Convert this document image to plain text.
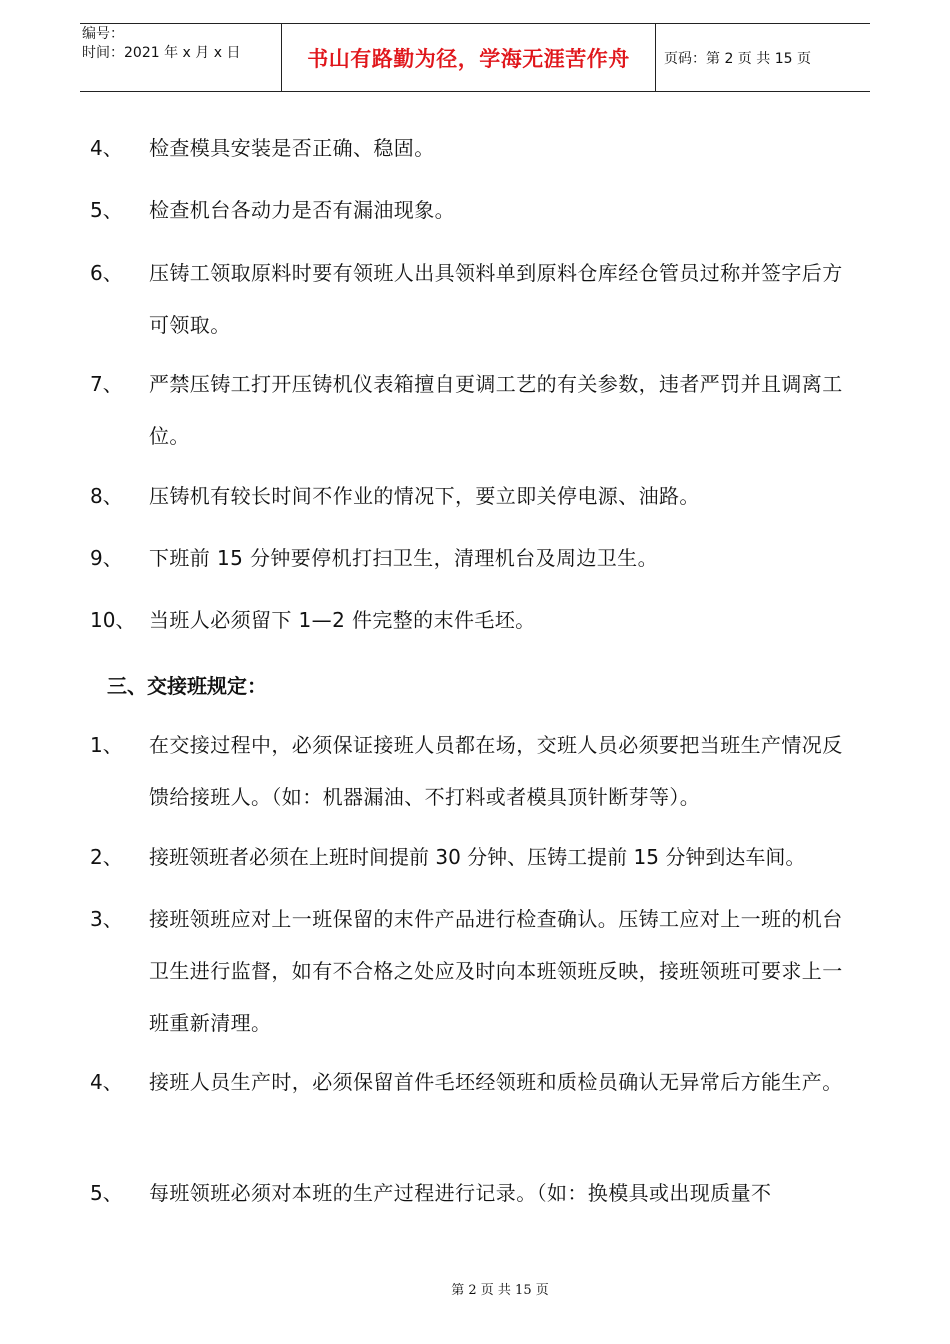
编号：
时间：2021 年 x 月 x 日	书山有路勤为径，学海无涯苦作舟	页码：第 2 页 共 15 页
4、 检查模具安装是否正确、稳固。
5、 检查机台各动力是否有漏油现象。
6、 压铸工领取原料时要有领班人出具领料单到原料仓库经仓管员过称并签字后方可领取。
7、 严禁压铸工打开压铸机仪表箱擅自更调工艺的有关参数，违者严罚并且调离工位。
8、 压铸机有较长时间不作业的情况下，要立即关停电源、油路。
9、 下班前 15 分钟要停机打扫卫生，清理机台及周边卫生。
10、 当班人必须留下 1—2 件完整的末件毛坯。
三、交接班规定：
1、 在交接过程中，必须保证接班人员都在场，交班人员必须要把当班生产情况反馈给接班人。（如：机器漏油、不打料或者模具顶针断芽等）。
2、 接班领班者必须在上班时间提前 30 分钟、压铸工提前 15 分钟到达车间。
3、 接班领班应对上一班保留的末件产品进行检查确认。压铸工应对上一班的机台卫生进行监督，如有不合格之处应及时向本班领班反映，接班领班可要求上一班重新清理。
4、 接班人员生产时，必须保留首件毛坯经领班和质检员确认无异常后方能生产。
5、 每班领班必须对本班的生产过程进行记录。（如：换模具或出现质量不
第 2 页 共 15 页
